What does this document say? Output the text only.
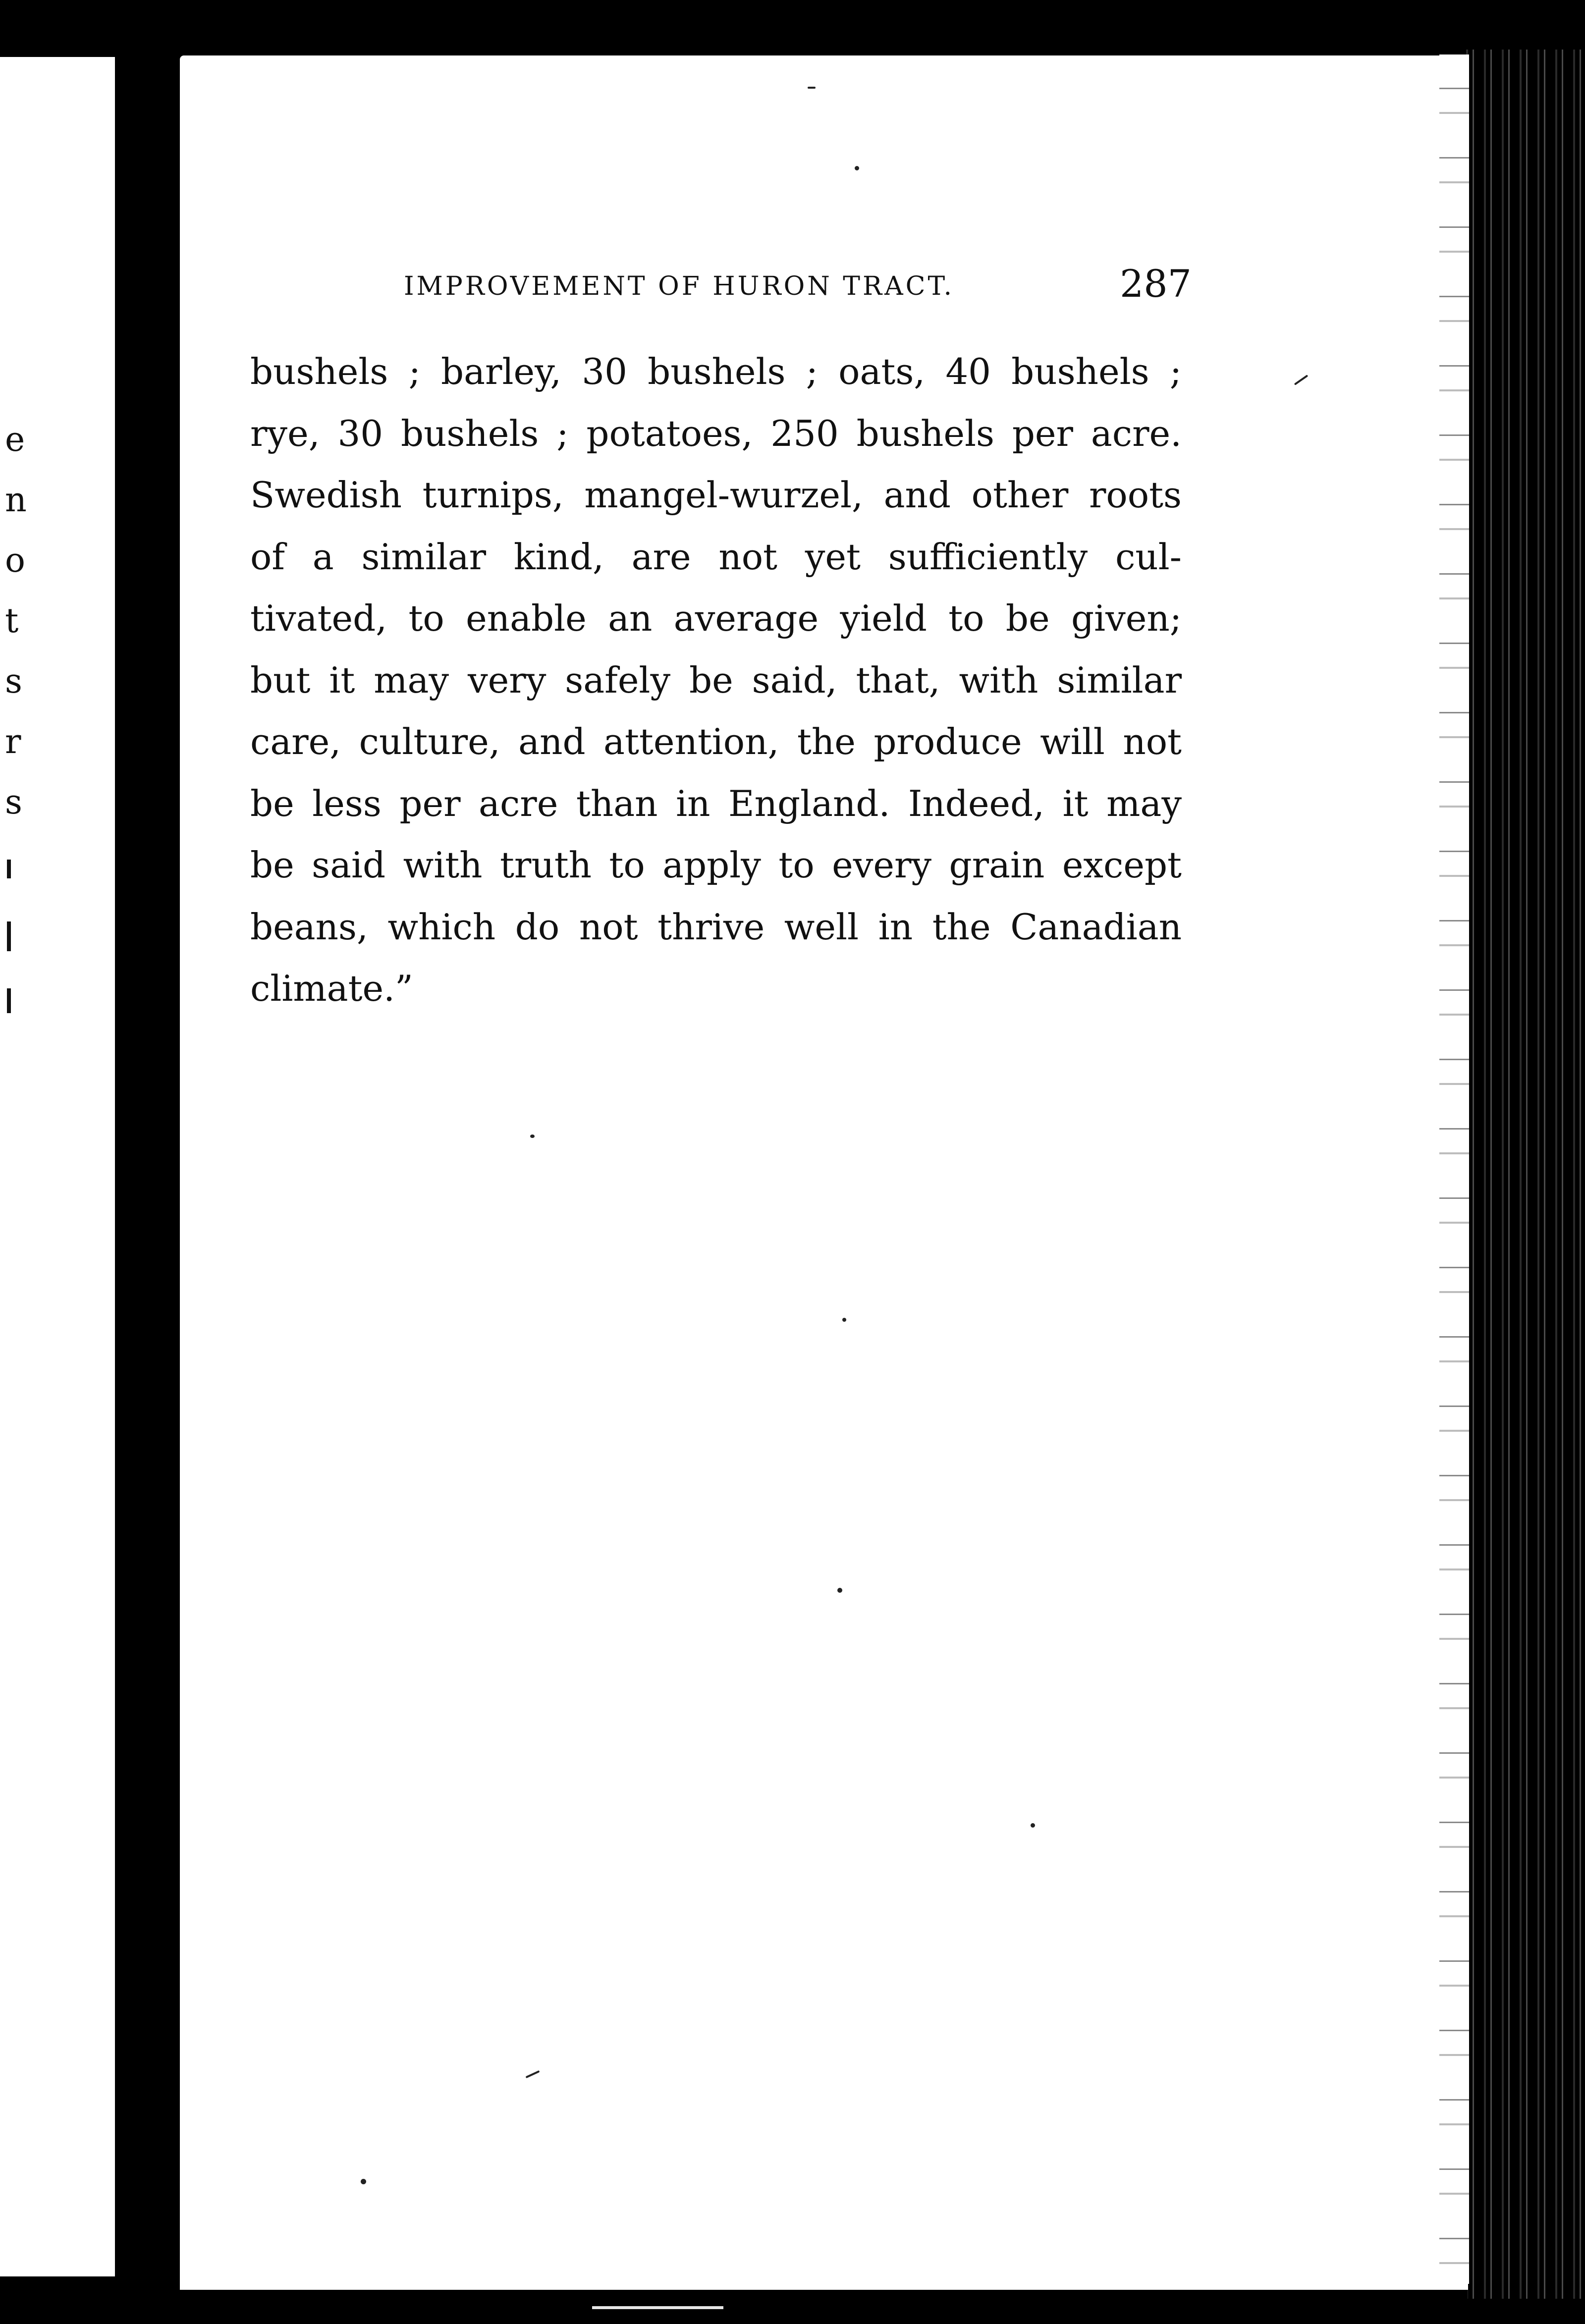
e
n
o
t
s
r
s
IMPROVEMENT OF HURON TRACT.	287
bushels ; barley, 30 bushels ; oats, 40 bushels ;
rye, 30 bushels ; potatoes, 250 bushels per acre.
Swedish turnips, mangel-wurzel, and other roots
of a similar kind, are not yet sufficiently cul-
tivated, to enable an average yield to be given;
but it may very safely be said, that, with similar
care, culture, and attention, the produce will not
be less per acre than in England. Indeed, it may
be said with truth to apply to every grain except
beans, which do not thrive well in the Canadian
climate.”
